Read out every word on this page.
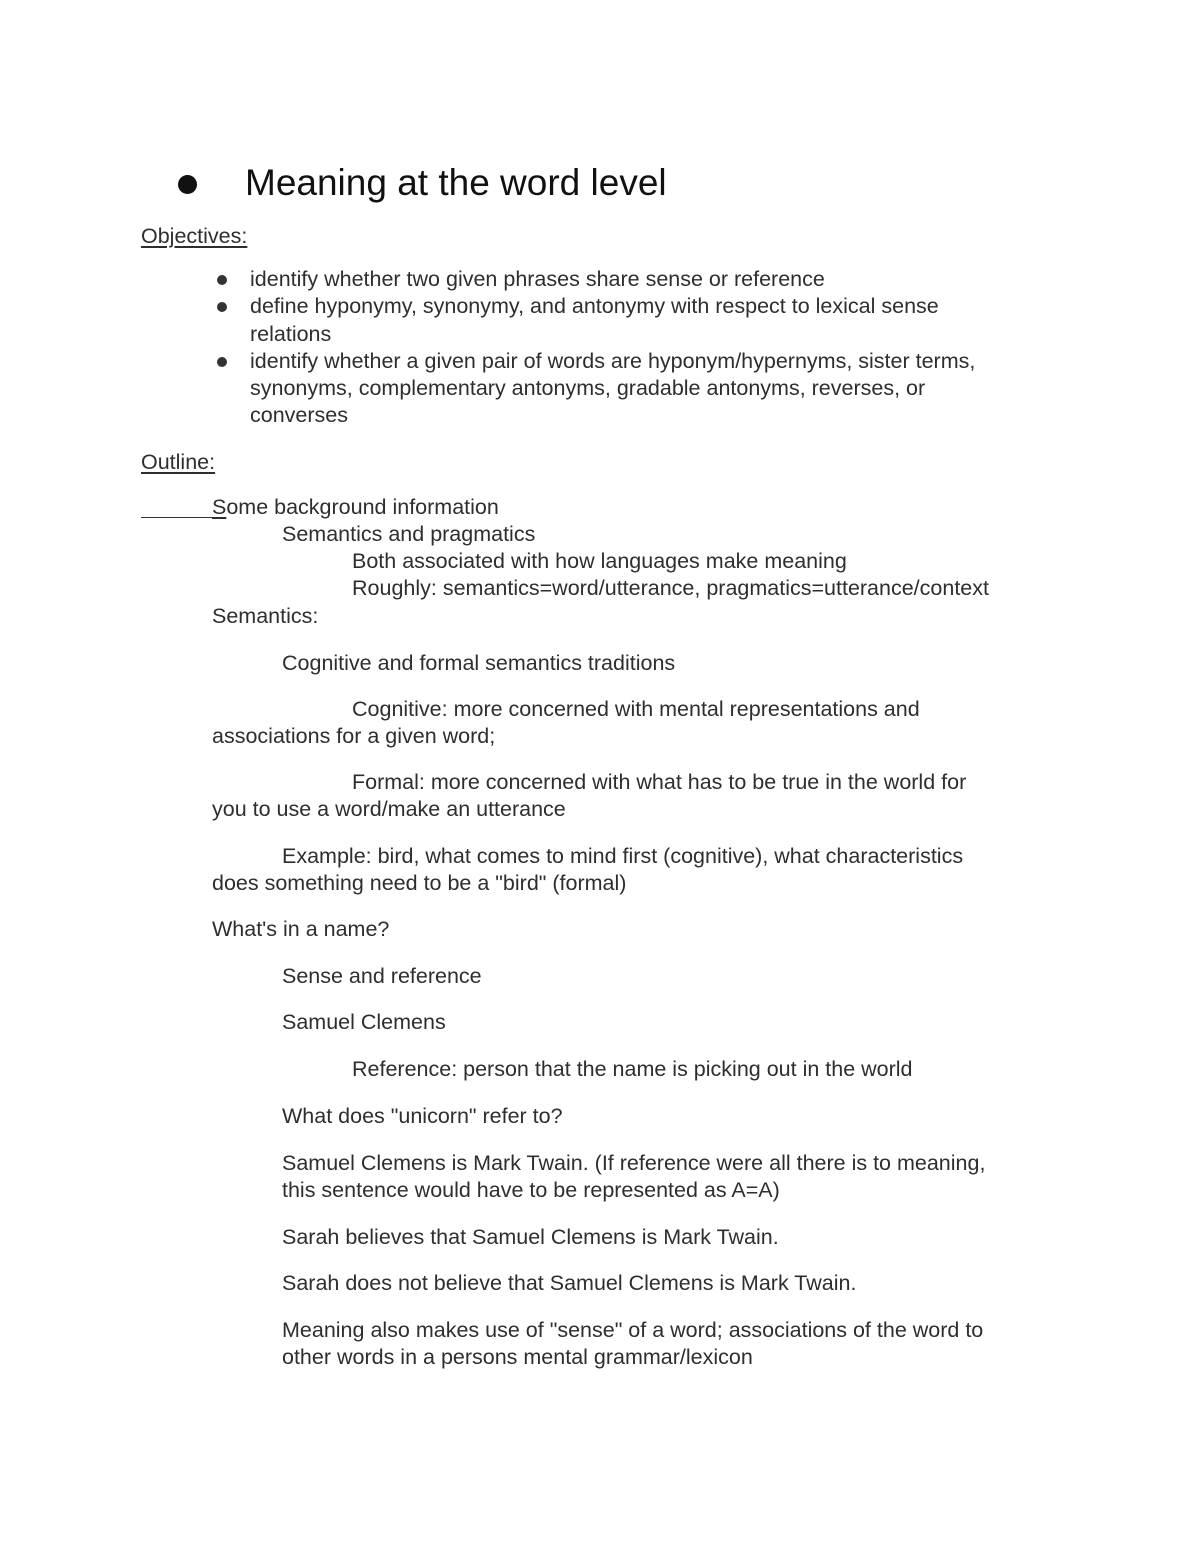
Meaning at the word level
Objectives:
identify whether two given phrases share sense or reference
define hyponymy, synonymy, and antonymy with respect to lexical sense
relations
identify whether a given pair of words are hyponym/hypernyms, sister terms,
synonyms, complementary antonyms, gradable antonyms, reverses, or
converses
Outline:
Some background information
Semantics and pragmatics
Both associated with how languages make meaning
Roughly: semantics=word/utterance, pragmatics=utterance/context
Semantics:
Cognitive and formal semantics traditions
Cognitive: more concerned with mental representations and
associations for a given word;
Formal: more concerned with what has to be true in the world for
you to use a word/make an utterance
Example: bird, what comes to mind first (cognitive), what characteristics
does something need to be a "bird" (formal)
What's in a name?
Sense and reference
Samuel Clemens
Reference: person that the name is picking out in the world
What does "unicorn" refer to?
Samuel Clemens is Mark Twain. (If reference were all there is to meaning,
this sentence would have to be represented as A=A)
Sarah believes that Samuel Clemens is Mark Twain.
Sarah does not believe that Samuel Clemens is Mark Twain.
Meaning also makes use of "sense" of a word; associations of the word to
other words in a persons mental grammar/lexicon
